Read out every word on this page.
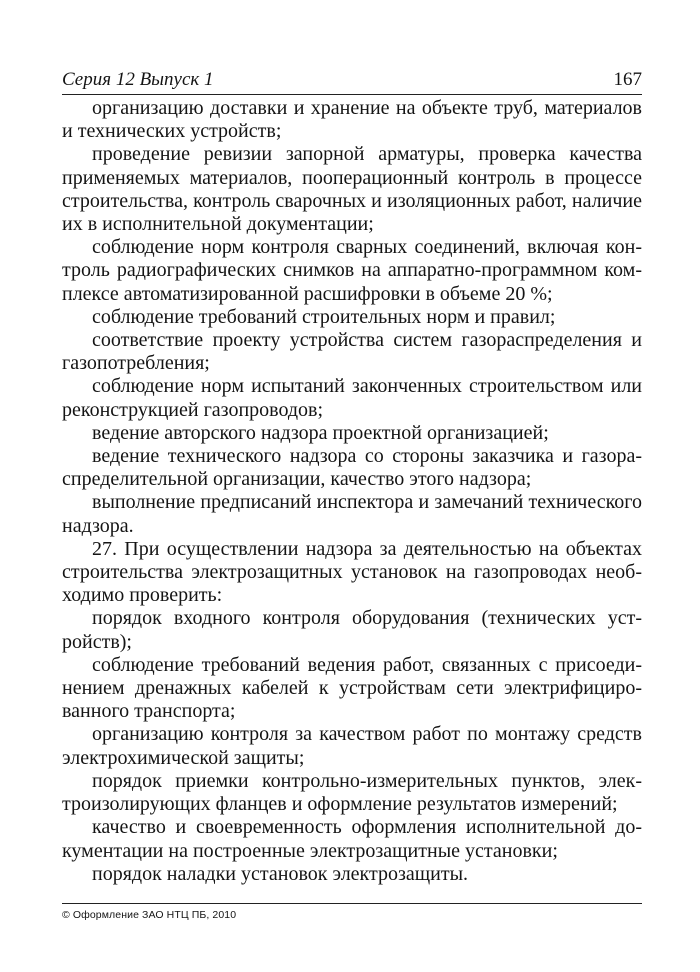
Серия 12 Выпуск 1	167

организацию доставки и хранение на объекте труб, материалов и технических устройств;

проведение ревизии запорной арматуры, проверка качества применяемых материалов, пооперационный контроль в процессе строительства, контроль сварочных и изоляционных работ, наличие их в исполнительной документации;

соблюдение норм контроля сварных соединений, включая контроль радиографических снимков на аппаратно-программном комплексе автоматизированной расшифровки в объеме 20 %;

соблюдение требований строительных норм и правил;

соответствие проекту устройства систем газораспределения и газопотребления;

соблюдение норм испытаний законченных строительством или реконструкцией газопроводов;

ведение авторского надзора проектной организацией;

ведение технического надзора со стороны заказчика и газораспределительной организации, качество этого надзора;

выполнение предписаний инспектора и замечаний технического надзора.

27. При осуществлении надзора за деятельностью на объектах строительства электрозащитных установок на газопроводах необходимо проверить:

порядок входного контроля оборудования (технических устройств);

соблюдение требований ведения работ, связанных с присоединением дренажных кабелей к устройствам сети электрифицированного транспорта;

организацию контроля за качеством работ по монтажу средств электрохимической защиты;

порядок приемки контрольно-измерительных пунктов, электроизолирующих фланцев и оформление результатов измерений;

качество и своевременность оформления исполнительной документации на построенные электрозащитные установки;

порядок наладки установок электрозащиты.

© Оформление ЗАО НТЦ ПБ, 2010
